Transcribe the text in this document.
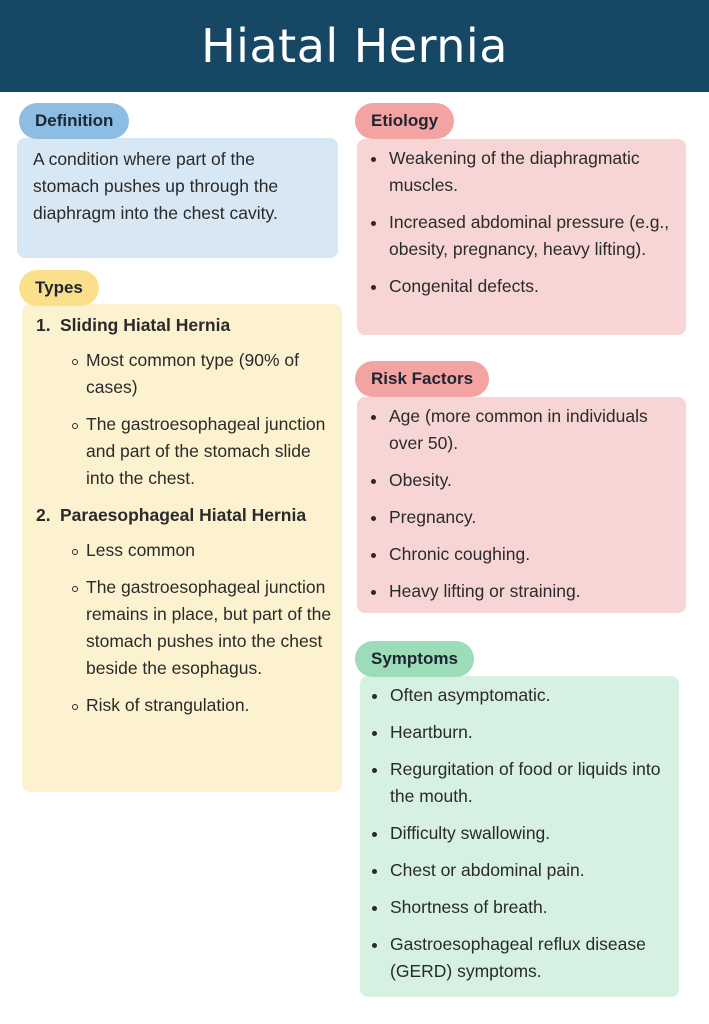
Hiatal Hernia
Definition

A condition where part of the stomach pushes up through the diaphragm into the chest cavity.

Types
1. Sliding Hiatal Hernia
Most common type (90% of cases)
The gastroesophageal junction and part of the stomach slide into the chest.
2. Paraesophageal Hiatal Hernia
Less common
The gastroesophageal junction remains in place, but part of the stomach pushes into the chest beside the esophagus.
Risk of strangulation.
Etiology
Weakening of the diaphragmatic muscles.
Increased abdominal pressure (e.g., obesity, pregnancy, heavy lifting).
Congenital defects.
Risk Factors
Age (more common in individuals over 50).
Obesity.
Pregnancy.
Chronic coughing.
Heavy lifting or straining.
Symptoms
Often asymptomatic.
Heartburn.
Regurgitation of food or liquids into the mouth.
Difficulty swallowing.
Chest or abdominal pain.
Shortness of breath.
Gastroesophageal reflux disease (GERD) symptoms.
